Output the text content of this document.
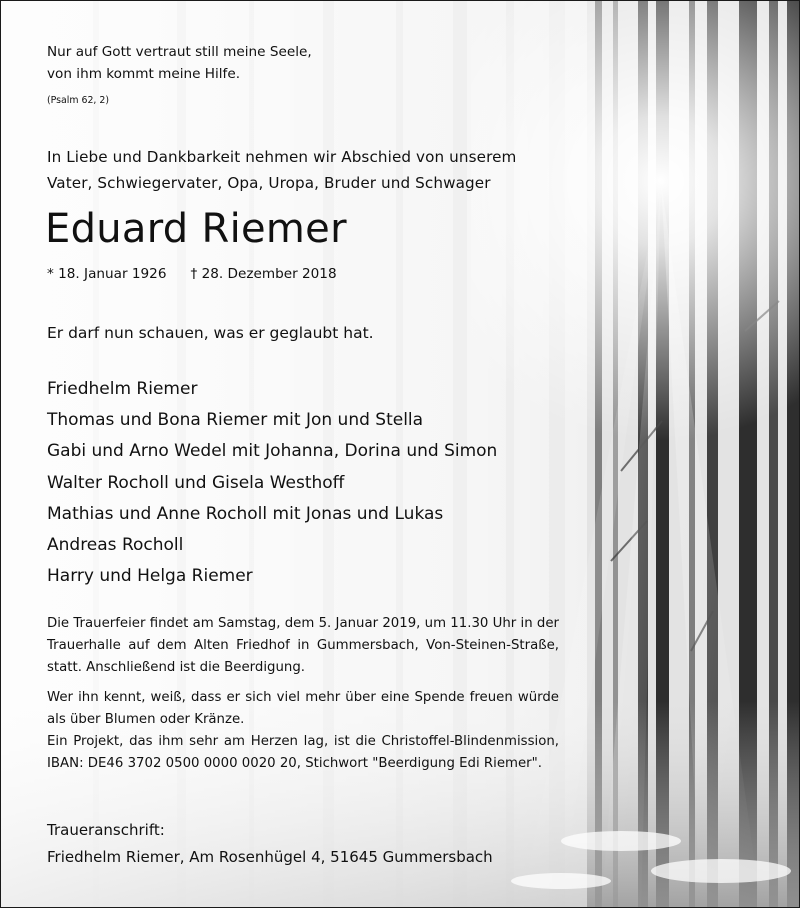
Nur auf Gott vertraut still meine Seele,

von ihm kommt meine Hilfe.

(Psalm 62, 2)

In Liebe und Dankbarkeit nehmen wir Abschied von unserem

Vater, Schwiegervater, Opa, Uropa, Bruder und Schwager

Eduard Riemer

* 18. Januar 1926 † 28. Dezember 2018

Er darf nun schauen, was er geglaubt hat.

Friedhelm Riemer
Thomas und Bona Riemer mit Jon und Stella
Gabi und Arno Wedel mit Johanna, Dorina und Simon
Walter Rocholl und Gisela Westhoff
Mathias und Anne Rocholl mit Jonas und Lukas
Andreas Rocholl
Harry und Helga Riemer

Die Trauerfeier findet am Samstag, dem 5. Januar 2019, um 11.30 Uhr in der Trauerhalle auf dem Alten Friedhof in Gummersbach, Von-Steinen-Straße, statt. Anschließend ist die Beerdigung.

Wer ihn kennt, weiß, dass er sich viel mehr über eine Spende freuen würde als über Blumen oder Kränze.

Ein Projekt, das ihm sehr am Herzen lag, ist die Christoffel-Blindenmission, IBAN: DE46 3702 0500 0000 0020 20, Stichwort "Beerdigung Edi Riemer".

Traueranschrift:

Friedhelm Riemer, Am Rosenhügel 4, 51645 Gummersbach
